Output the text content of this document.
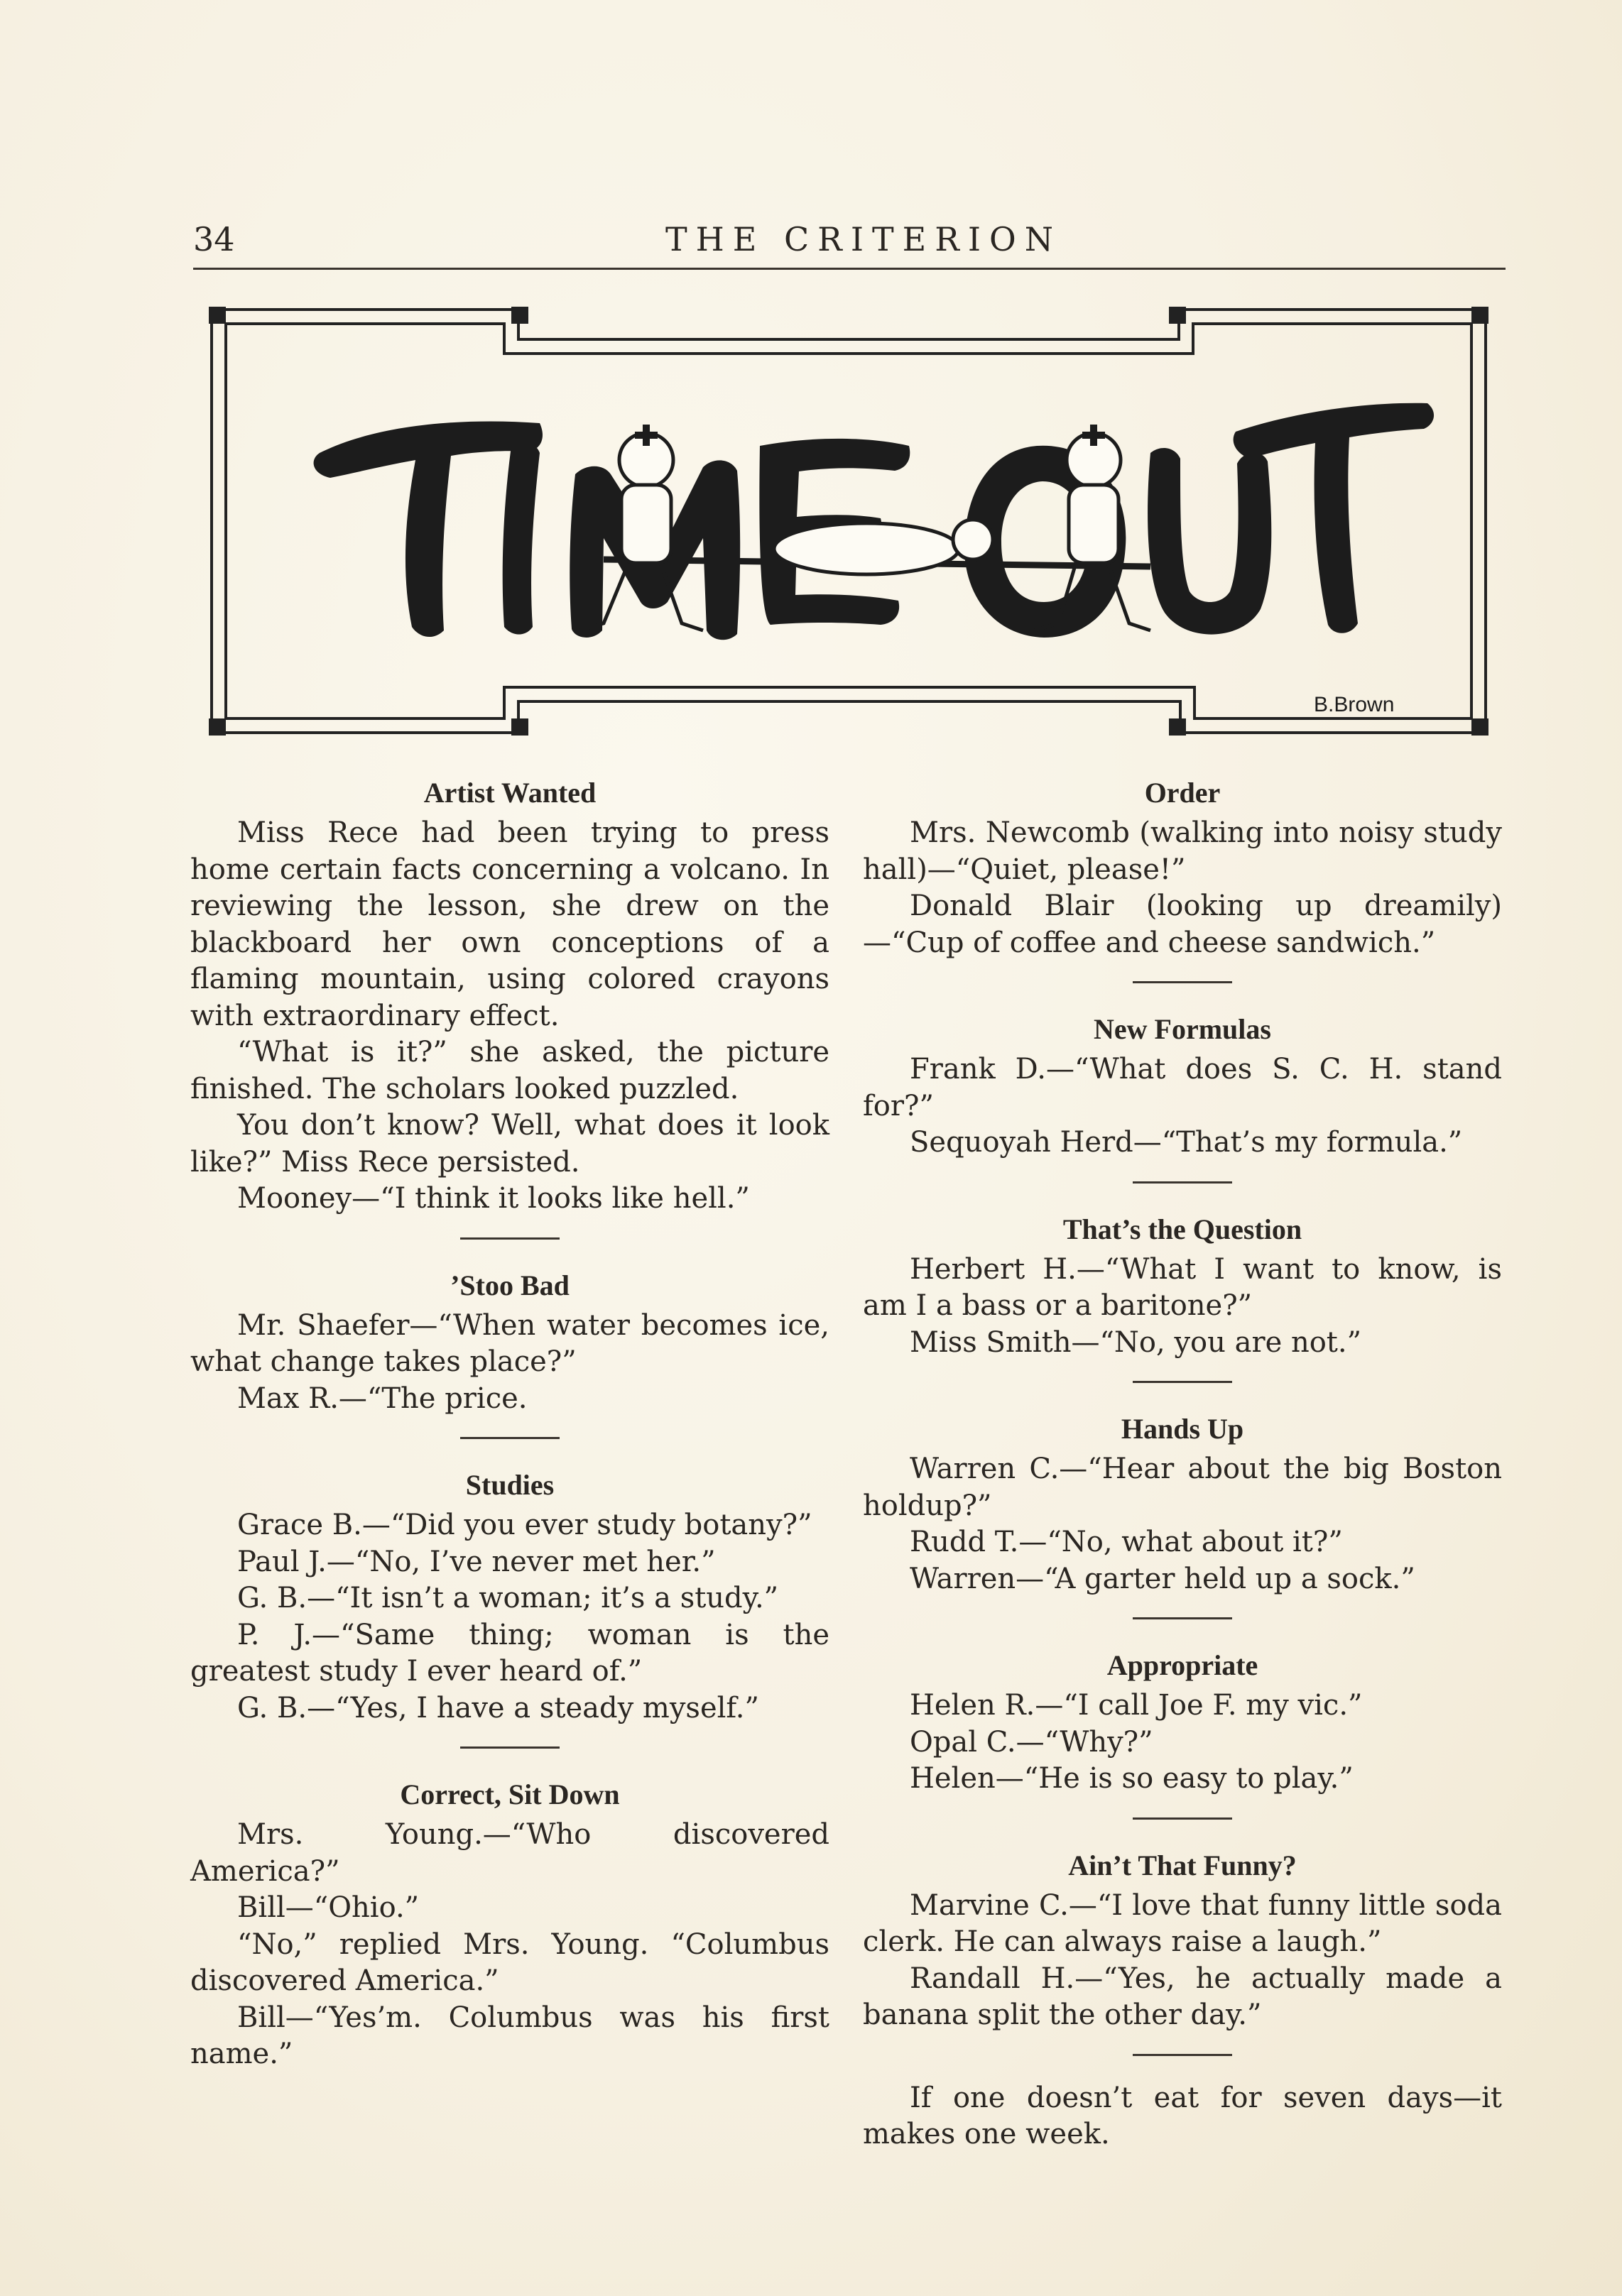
34	THE CRITERION
B.Brown
Artist Wanted

Miss Rece had been trying to press home certain facts concerning a volcano. In reviewing the lesson, she drew on the blackboard her own conceptions of a flaming mountain, using colored crayons with extraordinary effect.

“What is it?” she asked, the picture finished. The scholars looked puzzled.

You don’t know? Well, what does it look like?” Miss Rece persisted.

Mooney—“I think it looks like hell.”

’Stoo Bad

Mr. Shaefer—“When water becomes ice, what change takes place?”

Max R.—“The price.

Studies

Grace B.—“Did you ever study botany?”

Paul J.—“No, I’ve never met her.”

G. B.—“It isn’t a woman; it’s a study.”

P. J.—“Same thing; woman is the greatest study I ever heard of.”

G. B.—“Yes, I have a steady myself.”

Correct, Sit Down

Mrs. Young.—“Who discovered America?”

Bill—“Ohio.”

“No,” replied Mrs. Young. “Columbus discovered America.”

Bill—“Yes’m. Columbus was his first name.”

Order

Mrs. Newcomb (walking into noisy study hall)—“Quiet, please!”

Donald Blair (looking up dreamily)—“Cup of coffee and cheese sandwich.”

New Formulas

Frank D.—“What does S. C. H. stand for?”

Sequoyah Herd—“That’s my formula.”

That’s the Question

Herbert H.—“What I want to know, is am I a bass or a baritone?”

Miss Smith—“No, you are not.”

Hands Up

Warren C.—“Hear about the big Boston holdup?”

Rudd T.—“No, what about it?”

Warren—“A garter held up a sock.”

Appropriate

Helen R.—“I call Joe F. my vic.”

Opal C.—“Why?”

Helen—“He is so easy to play.”

Ain’t That Funny?

Marvine C.—“I love that funny little soda clerk. He can always raise a laugh.”

Randall H.—“Yes, he actually made a banana split the other day.”

If one doesn’t eat for seven days—it makes one week.
